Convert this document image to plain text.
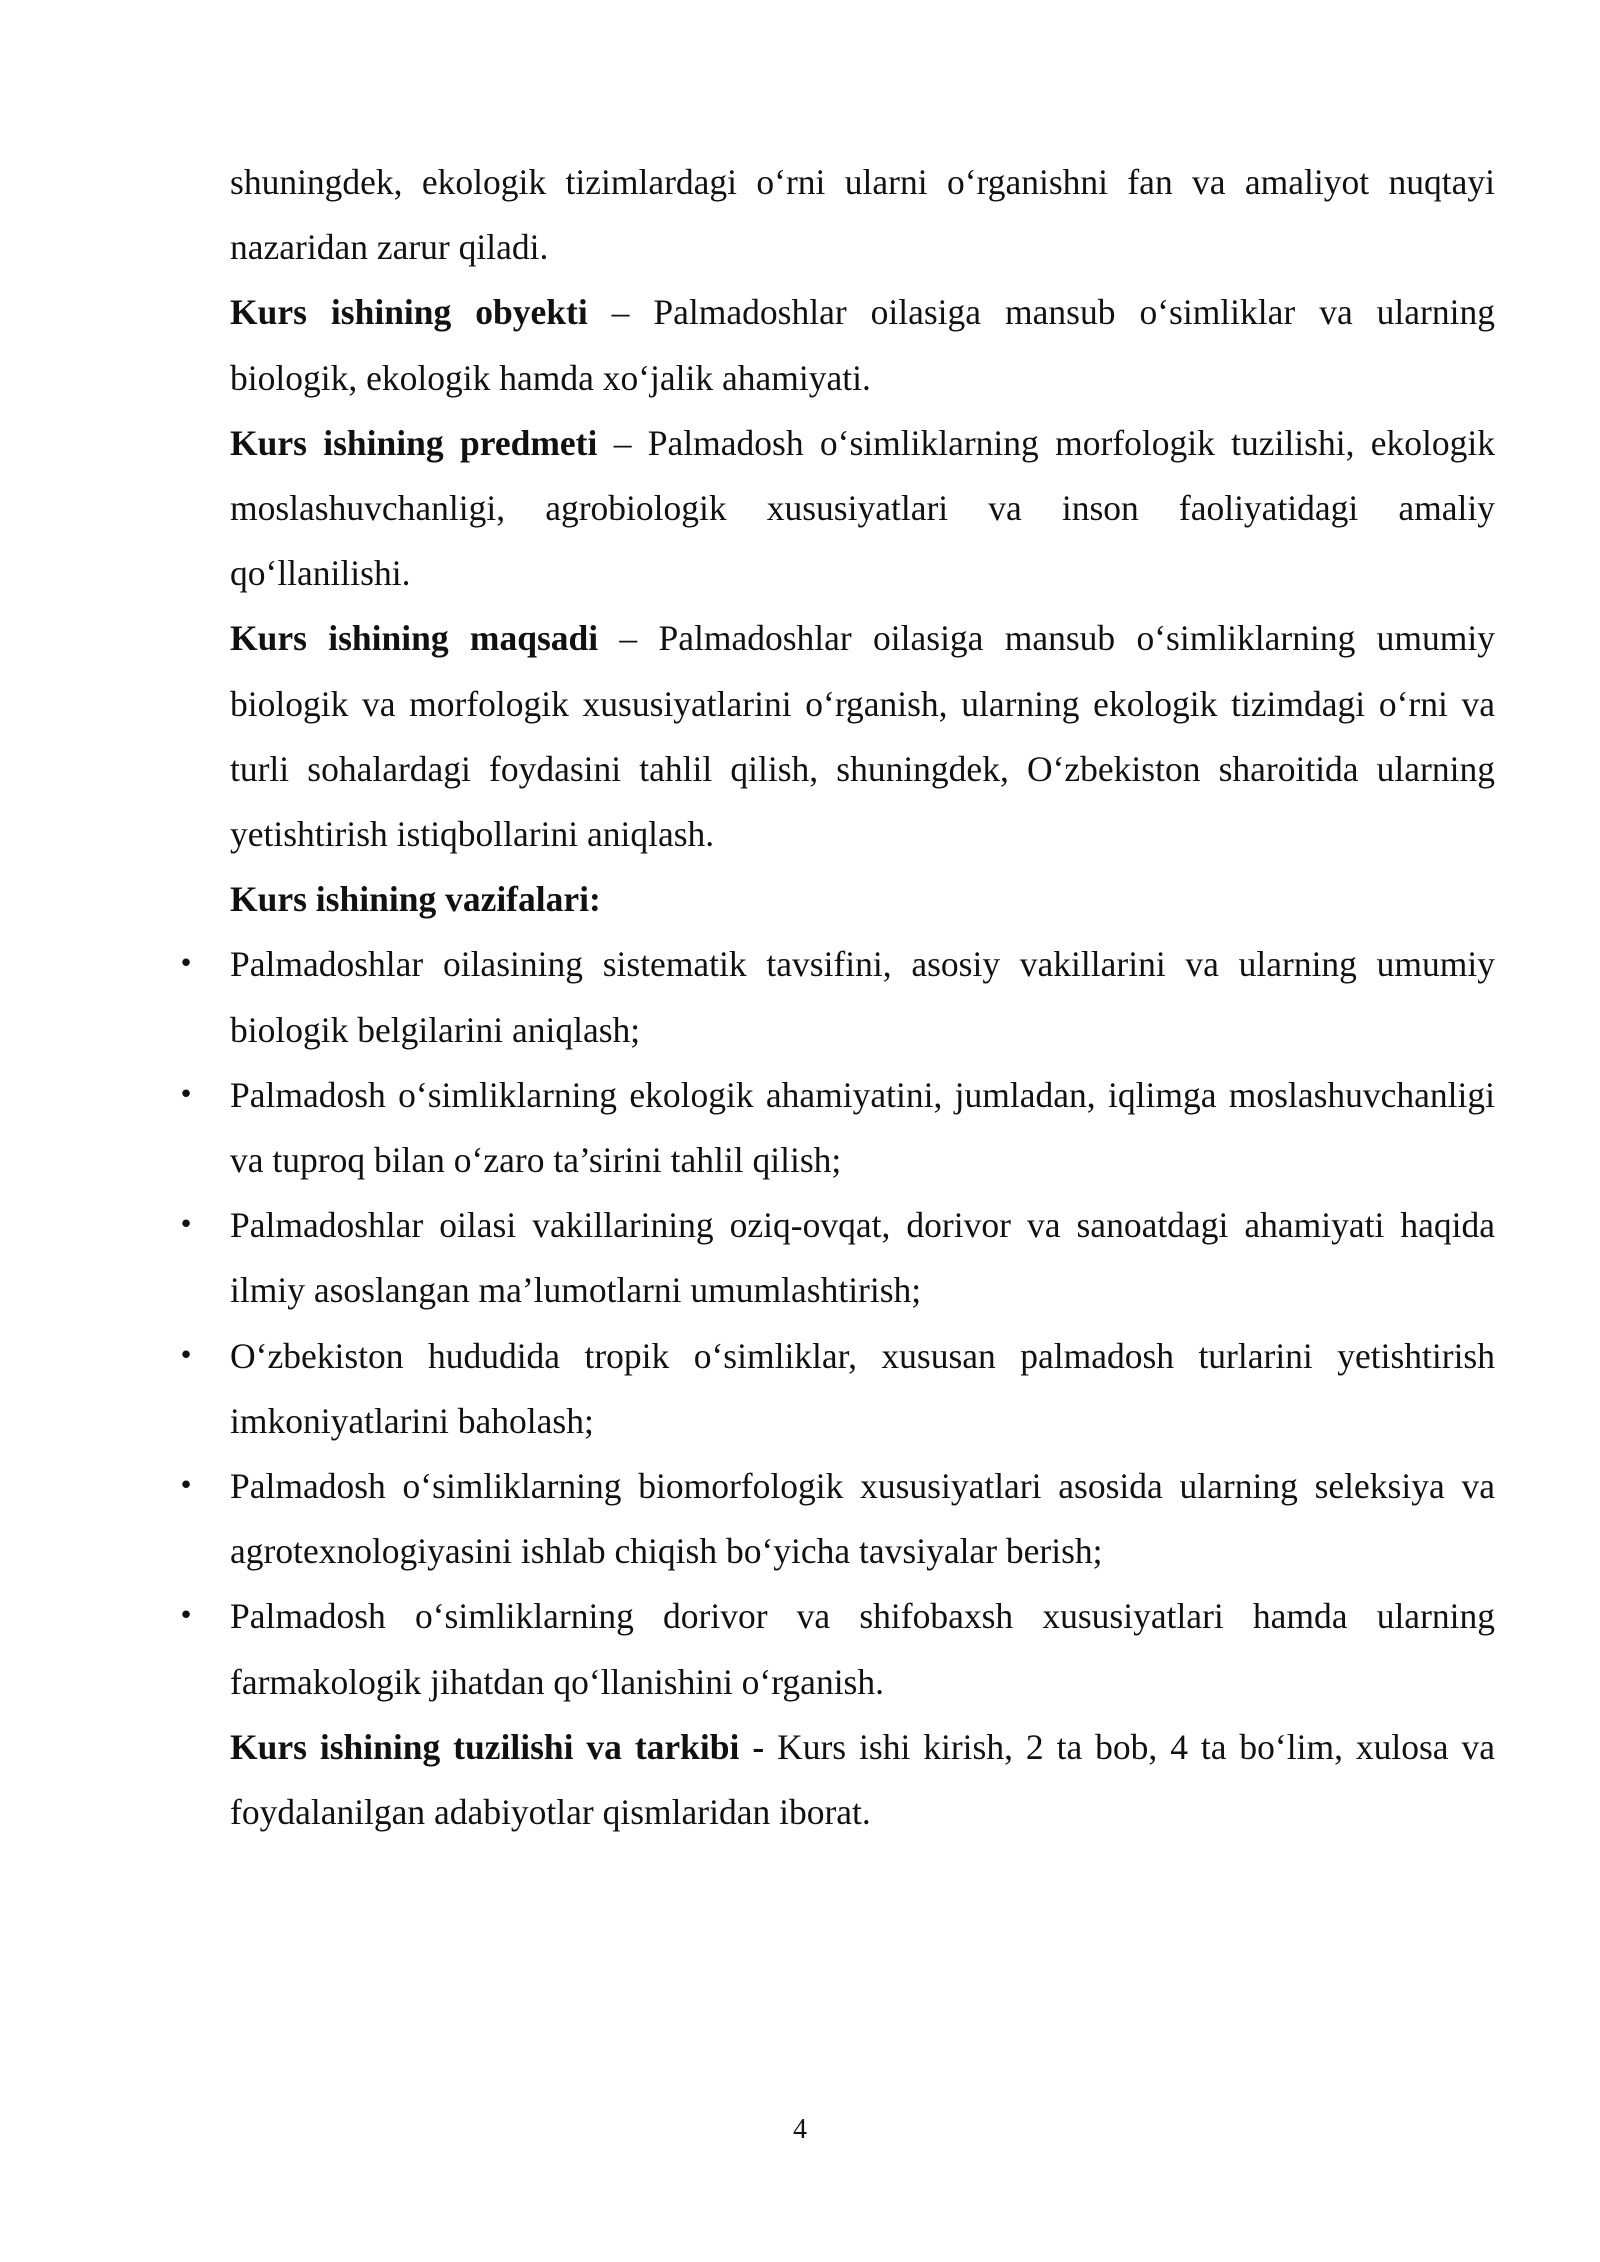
shuningdek, ekologik tizimlardagi o‘rni ularni o‘rganishni fan va amaliyot nuqtayi nazaridan zarur qiladi.

Kurs ishining obyekti – Palmadoshlar oilasiga mansub o‘simliklar va ularning biologik, ekologik hamda xo‘jalik ahamiyati.

Kurs ishining predmeti – Palmadosh o‘simliklarning morfologik tuzilishi, ekologik moslashuvchanligi, agrobiologik xususiyatlari va inson faoliyatidagi amaliy qo‘llanilishi.

Kurs ishining maqsadi – Palmadoshlar oilasiga mansub o‘simliklarning umumiy biologik va morfologik xususiyatlarini o‘rganish, ularning ekologik tizimdagi o‘rni va turli sohalardagi foydasini tahlil qilish, shuningdek, O‘zbekiston sharoitida ularning yetishtirish istiqbollarini aniqlash.

Kurs ishining vazifalari:

• Palmadoshlar oilasining sistematik tavsifini, asosiy vakillarini va ularning umumiy biologik belgilarini aniqlash;
• Palmadosh o‘simliklarning ekologik ahamiyatini, jumladan, iqlimga moslashuvchanligi va tuproq bilan o‘zaro ta’sirini tahlil qilish;
• Palmadoshlar oilasi vakillarining oziq-ovqat, dorivor va sanoatdagi ahamiyati haqida ilmiy asoslangan ma’lumotlarni umumlashtirish;
• O‘zbekiston hududida tropik o‘simliklar, xususan palmadosh turlarini yetishtirish imkoniyatlarini baholash;
• Palmadosh o‘simliklarning biomorfologik xususiyatlari asosida ularning seleksiya va agrotexnologiyasini ishlab chiqish bo‘yicha tavsiyalar berish;
• Palmadosh o‘simliklarning dorivor va shifobaxsh xususiyatlari hamda ularning farmakologik jihatdan qo‘llanishini o‘rganish.

Kurs ishining tuzilishi va tarkibi - Kurs ishi kirish, 2 ta bob, 4 ta bo‘lim, xulosa va foydalanilgan adabiyotlar qismlaridan iborat.

4
